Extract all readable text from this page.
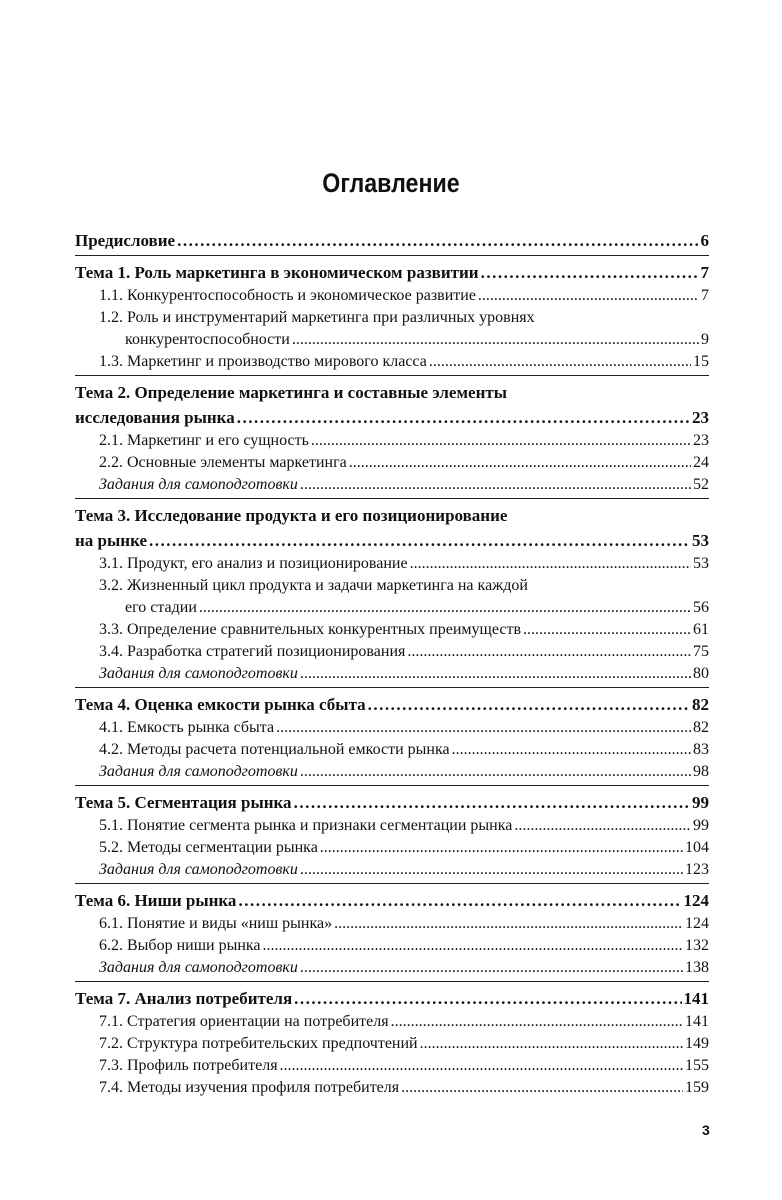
Оглавление
Предисловие .....	6
Тема 1. Роль маркетинга в экономическом развитии .....	7
1.1. Конкурентоспособность и экономическое развитие .....	7
1.2. Роль и инструментарий маркетинга при различных уровнях
конкурентоспособности .....	9
1.3. Маркетинг и производство мирового класса .....	15
Тема 2. Определение маркетинга и составные элементы
исследования рынка .....	23
2.1. Маркетинг и его сущность .....	23
2.2. Основные элементы маркетинга .....	24
Задания для самоподготовки .....	52
Тема 3. Исследование продукта и его позиционирование
на рынке .....	53
3.1. Продукт, его анализ и позиционирование .....	53
3.2. Жизненный цикл продукта и задачи маркетинга на каждой
его стадии .....	56
3.3. Определение сравнительных конкурентных преимуществ .....	61
3.4. Разработка стратегий позиционирования .....	75
Задания для самоподготовки .....	80
Тема 4. Оценка емкости рынка сбыта .....	82
4.1. Емкость рынка сбыта .....	82
4.2. Методы расчета потенциальной емкости рынка .....	83
Задания для самоподготовки .....	98
Тема 5. Сегментация рынка .....	99
5.1. Понятие сегмента рынка и признаки сегментации рынка .....	99
5.2. Методы сегментации рынка .....	104
Задания для самоподготовки .....	123
Тема 6. Ниши рынка .....	124
6.1. Понятие и виды «ниш рынка» .....	124
6.2. Выбор ниши рынка .....	132
Задания для самоподготовки .....	138
Тема 7. Анализ потребителя .....	141
7.1. Стратегия ориентации на потребителя .....	141
7.2. Структура потребительских предпочтений .....	149
7.3. Профиль потребителя .....	155
7.4. Методы изучения профиля потребителя .....	159
3
